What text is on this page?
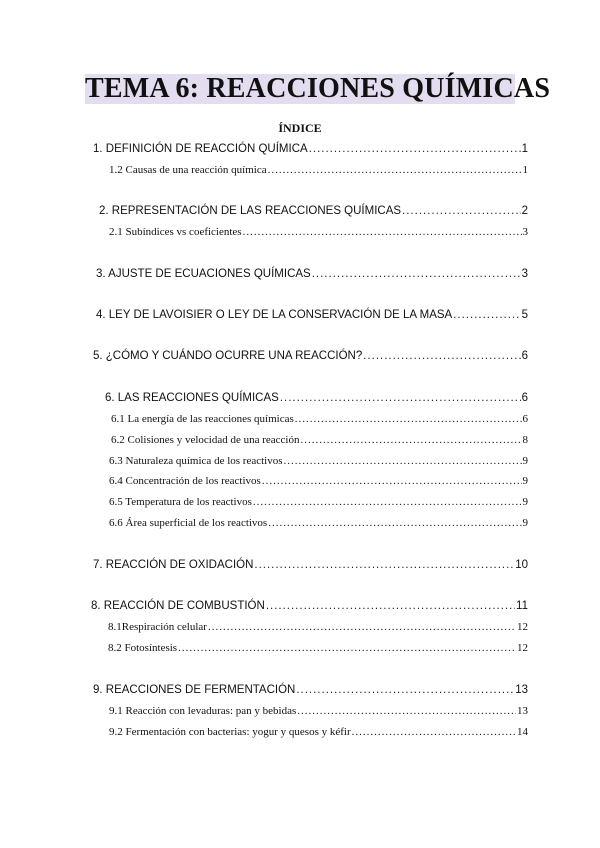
TEMA 6: REACCIONES QUÍMICAS
ÍNDICE
1. DEFINICIÓN DE REACCIÓN QUÍMICA .....	1
1.2 Causas de una reacción química .....	1
2. REPRESENTACIÓN DE LAS REACCIONES QUÍMICAS .....	2
2.1 Subíndices vs coeficientes .....	3
3. AJUSTE DE ECUACIONES QUÍMICAS .....	3
4. LEY DE LAVOISIER O LEY DE LA CONSERVACIÓN DE LA MASA .....	5
5. ¿CÓMO Y CUÁNDO OCURRE UNA REACCIÓN? .....	6
6. LAS REACCIONES QUÍMICAS .....	6
6.1 La energía de las reacciones químicas .....	6
6.2 Colisiones y velocidad de una reacción .....	8
6.3 Naturaleza química de los reactivos .....	9
6.4 Concentración de los reactivos .....	9
6.5 Temperatura de los reactivos .....	9
6.6 Área superficial de los reactivos .....	9
7. REACCIÓN DE OXIDACIÓN .....	10
8. REACCIÓN DE COMBUSTIÓN .....	11
8.1Respiración celular .....	12
8.2 Fotosíntesis .....	12
9. REACCIONES DE FERMENTACIÓN .....	13
9.1 Reacción con levaduras: pan y bebidas .....	13
9.2 Fermentación con bacterias: yogur y quesos y kéfir .....	14
